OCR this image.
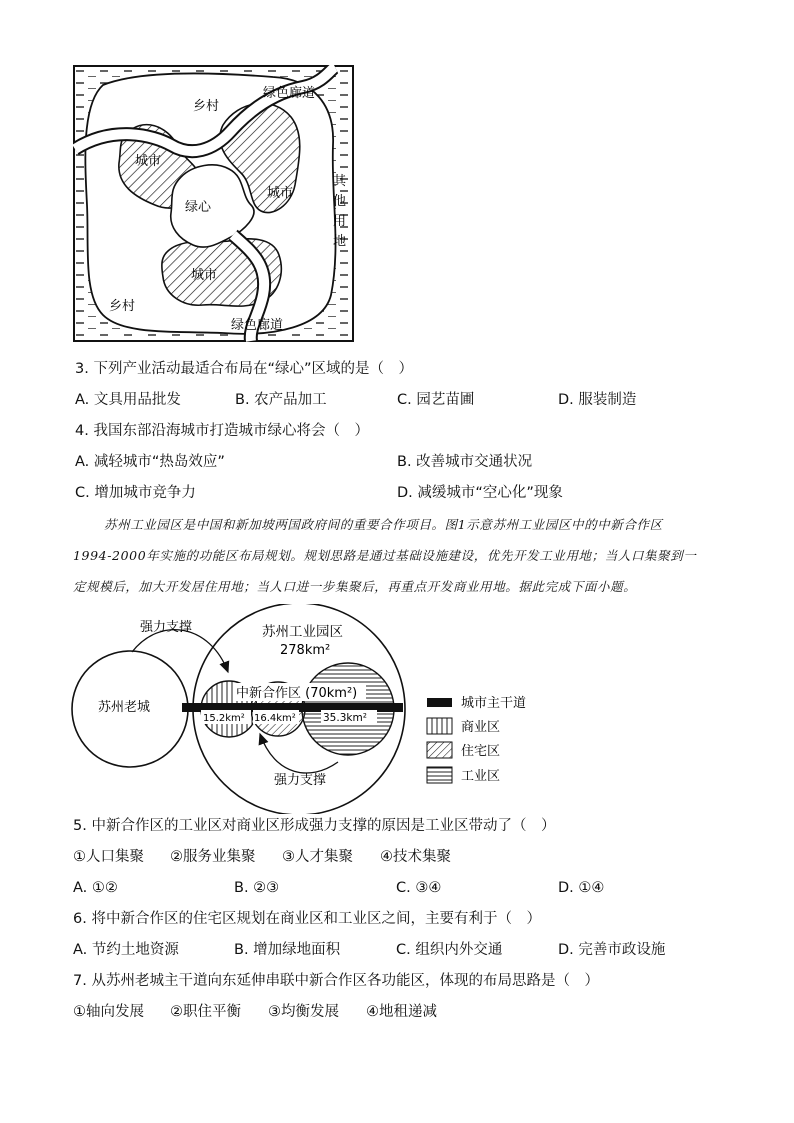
乡村
绿色廊道
城市
城市
绿心
城市
乡村
绿色廊道
其
他
用
地
3. 下列产业活动最适合布局在“绿心”区域的是（　）
A. 文具用品批发	B. 农产品加工	C. 园艺苗圃	D. 服装制造
4. 我国东部沿海城市打造城市绿心将会（　）
A. 减轻城市“热岛效应”	B. 改善城市交通状况
C. 增加城市竞争力	D. 减缓城市“空心化”现象
苏州工业园区是中国和新加坡两国政府间的重要合作项目。图1示意苏州工业园区中的中新合作区
1994-2000年实施的功能区布局规划。规划思路是通过基础设施建设，优先开发工业用地；当人口集聚到一
定规模后，加大开发居住用地；当人口进一步集聚后，再重点开发商业用地。据此完成下面小题。
苏州老城
苏州工业园区
278km²
中新合作区 (70km²)
15.2km² 16.4km²	35.3km²
强力支撑
强力支撑
城市主干道
商业区
住宅区
工业区
5. 中新合作区的工业区对商业区形成强力支撑的原因是工业区带动了（　）
①人口集聚 ②服务业集聚 ③人才集聚 ④技术集聚
A. ①②	B. ②③	C. ③④	D. ①④
6. 将中新合作区的住宅区规划在商业区和工业区之间，主要有利于（　）
A. 节约土地资源	B. 增加绿地面积	C. 组织内外交通	D. 完善市政设施
7. 从苏州老城主干道向东延伸串联中新合作区各功能区，体现的布局思路是（　）
①轴向发展 ②职住平衡 ③均衡发展 ④地租递减
